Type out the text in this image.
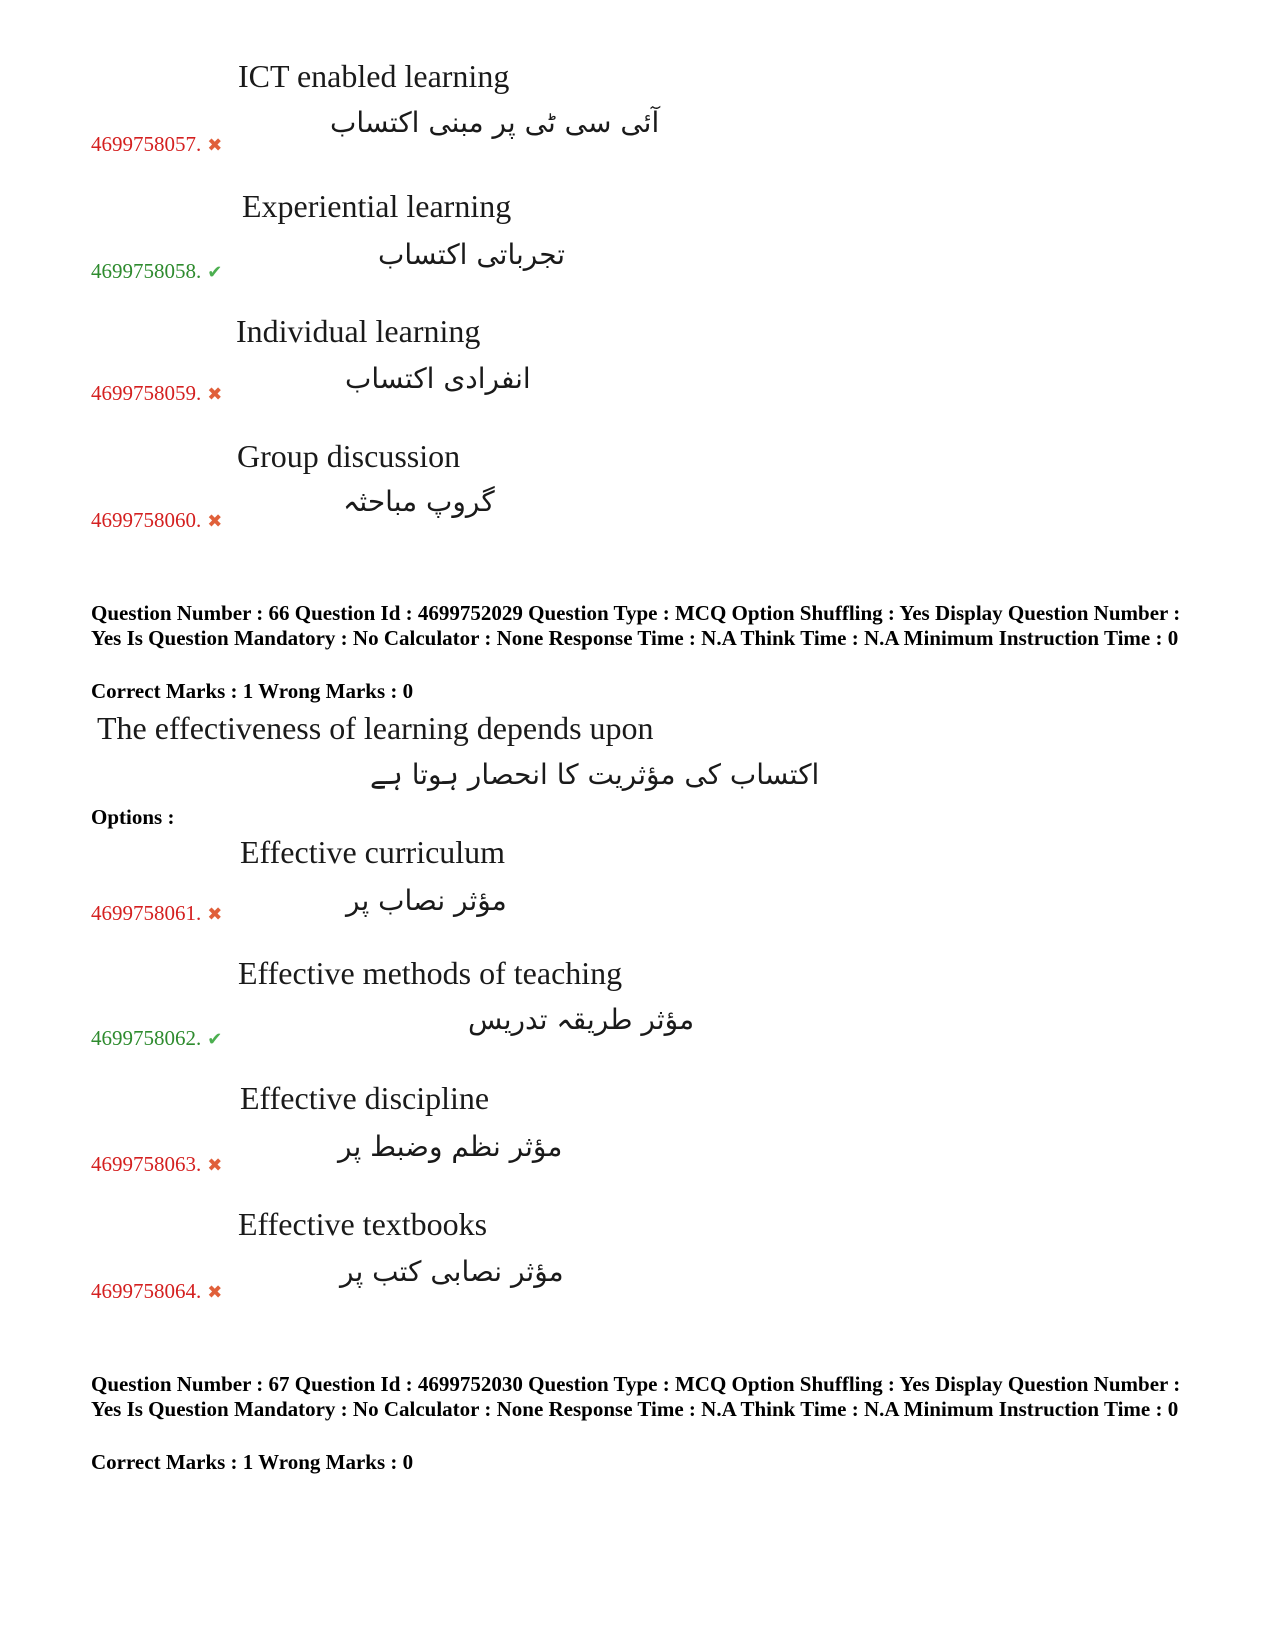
ICT enabled learning
آئی سی ٹی پر مبنی اکتساب
4699758057. ✖
Experiential learning
تجرباتی اکتساب
4699758058. ✔
Individual learning
انفرادی اکتساب
4699758059. ✖
Group discussion
گروپ مباحثہ
4699758060. ✖
Question Number : 66 Question Id : 4699752029 Question Type : MCQ Option Shuffling : Yes Display Question Number : Yes Is Question Mandatory : No Calculator : None Response Time : N.A Think Time : N.A Minimum Instruction Time : 0
Correct Marks : 1 Wrong Marks : 0
The effectiveness of learning depends upon
اکتساب کی مؤثریت کا انحصار ہوتا ہے
Options :
Effective curriculum
مؤثر نصاب پر
4699758061. ✖
Effective methods of teaching
مؤثر طریقہ تدریس
4699758062. ✔
Effective discipline
مؤثر نظم وضبط پر
4699758063. ✖
Effective textbooks
مؤثر نصابی کتب پر
4699758064. ✖
Question Number : 67 Question Id : 4699752030 Question Type : MCQ Option Shuffling : Yes Display Question Number : Yes Is Question Mandatory : No Calculator : None Response Time : N.A Think Time : N.A Minimum Instruction Time : 0
Correct Marks : 1 Wrong Marks : 0
